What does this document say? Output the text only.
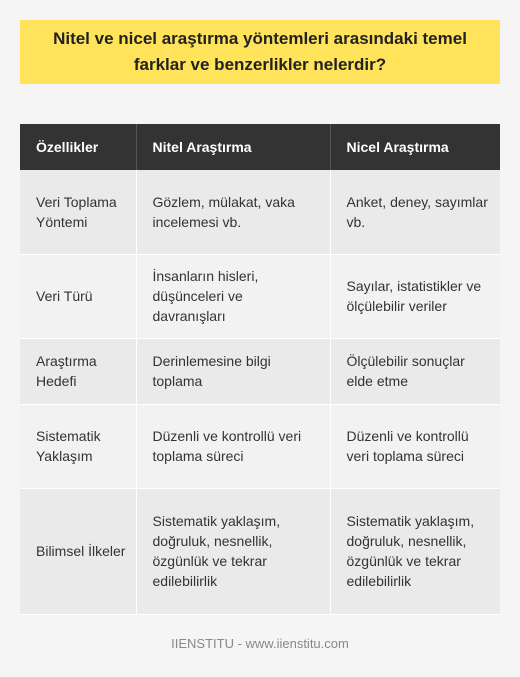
Nitel ve nicel araştırma yöntemleri arasındaki temel farklar ve benzerlikler nelerdir?
Özellikler	Nitel Araştırma	Nicel Araştırma
Veri Toplama Yöntemi	Gözlem, mülakat, vaka incelemesi vb.	Anket, deney, sayımlar vb.
Veri Türü	İnsanların hisleri, düşünceleri ve davranışları	Sayılar, istatistikler ve ölçülebilir veriler
Araştırma Hedefi	Derinlemesine bilgi toplama	Ölçülebilir sonuçlar elde etme
Sistematik Yaklaşım	Düzenli ve kontrollü veri toplama süreci	Düzenli ve kontrollü veri toplama süreci
Bilimsel İlkeler	Sistematik yaklaşım, doğruluk, nesnellik, özgünlük ve tekrar edilebilirlik	Sistematik yaklaşım, doğruluk, nesnellik, özgünlük ve tekrar edilebilirlik
IIENSTITU - www.iienstitu.com
